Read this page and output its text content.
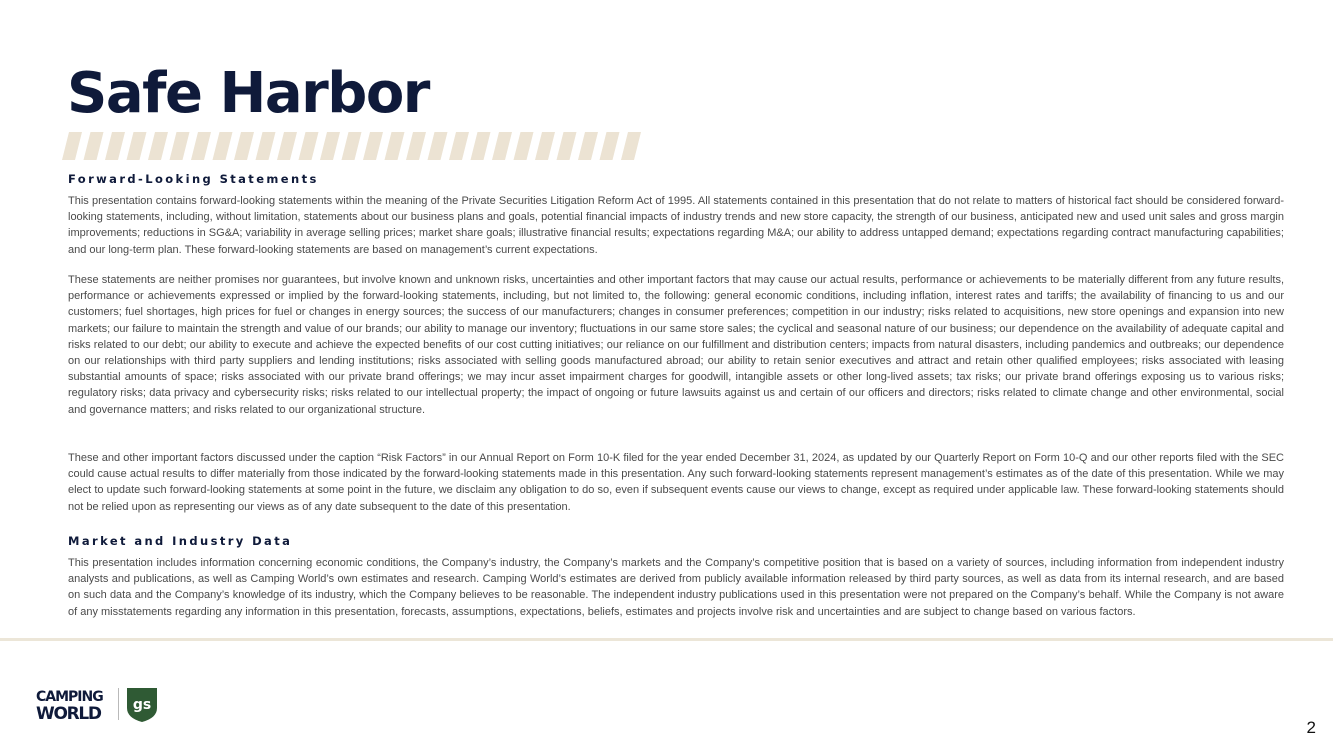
Safe Harbor
Forward-Looking Statements

This presentation contains forward-looking statements within the meaning of the Private Securities Litigation Reform Act of 1995. All statements contained in this presentation that do not relate to matters of historical fact should be considered forward-looking statements, including, without limitation, statements about our business plans and goals, potential financial impacts of industry trends and new store capacity, the strength of our business, anticipated new and used unit sales and gross margin improvements; reductions in SG&A; variability in average selling prices; market share goals; illustrative financial results; expectations regarding M&A; our ability to address untapped demand; expectations regarding contract manufacturing capabilities; and our long-term plan. These forward-looking statements are based on management’s current expectations.

These statements are neither promises nor guarantees, but involve known and unknown risks, uncertainties and other important factors that may cause our actual results, performance or achievements to be materially different from any future results, performance or achievements expressed or implied by the forward-looking statements, including, but not limited to, the following: general economic conditions, including inflation, interest rates and tariffs; the availability of financing to us and our customers; fuel shortages, high prices for fuel or changes in energy sources; the success of our manufacturers; changes in consumer preferences; competition in our industry; risks related to acquisitions, new store openings and expansion into new markets; our failure to maintain the strength and value of our brands; our ability to manage our inventory; fluctuations in our same store sales; the cyclical and seasonal nature of our business; our dependence on the availability of adequate capital and risks related to our debt; our ability to execute and achieve the expected benefits of our cost cutting initiatives; our reliance on our fulfillment and distribution centers; impacts from natural disasters, including pandemics and outbreaks; our dependence on our relationships with third party suppliers and lending institutions; risks associated with selling goods manufactured abroad; our ability to retain senior executives and attract and retain other qualified employees; risks associated with leasing substantial amounts of space; risks associated with our private brand offerings; we may incur asset impairment charges for goodwill, intangible assets or other long-lived assets; tax risks; our private brand offerings exposing us to various risks; regulatory risks; data privacy and cybersecurity risks; risks related to our intellectual property; the impact of ongoing or future lawsuits against us and certain of our officers and directors; risks related to climate change and other environmental, social and governance matters; and risks related to our organizational structure.

These and other important factors discussed under the caption “Risk Factors” in our Annual Report on Form 10-K filed for the year ended December 31, 2024, as updated by our Quarterly Report on Form 10-Q and our other reports filed with the SEC could cause actual results to differ materially from those indicated by the forward-looking statements made in this presentation. Any such forward-looking statements represent management’s estimates as of the date of this presentation. While we may elect to update such forward-looking statements at some point in the future, we disclaim any obligation to do so, even if subsequent events cause our views to change, except as required under applicable law. These forward-looking statements should not be relied upon as representing our views as of any date subsequent to the date of this presentation.

Market and Industry Data

This presentation includes information concerning economic conditions, the Company’s industry, the Company’s markets and the Company’s competitive position that is based on a variety of sources, including information from independent industry analysts and publications, as well as Camping World’s own estimates and research. Camping World’s estimates are derived from publicly available information released by third party sources, as well as data from its internal research, and are based on such data and the Company’s knowledge of its industry, which the Company believes to be reasonable. The independent industry publications used in this presentation were not prepared on the Company’s behalf. While the Company is not aware of any misstatements regarding any information in this presentation, forecasts, assumptions, expectations, beliefs, estimates and projects involve risk and uncertainties and are subject to change based on various factors.

CAMPING
WORLD gs
2
